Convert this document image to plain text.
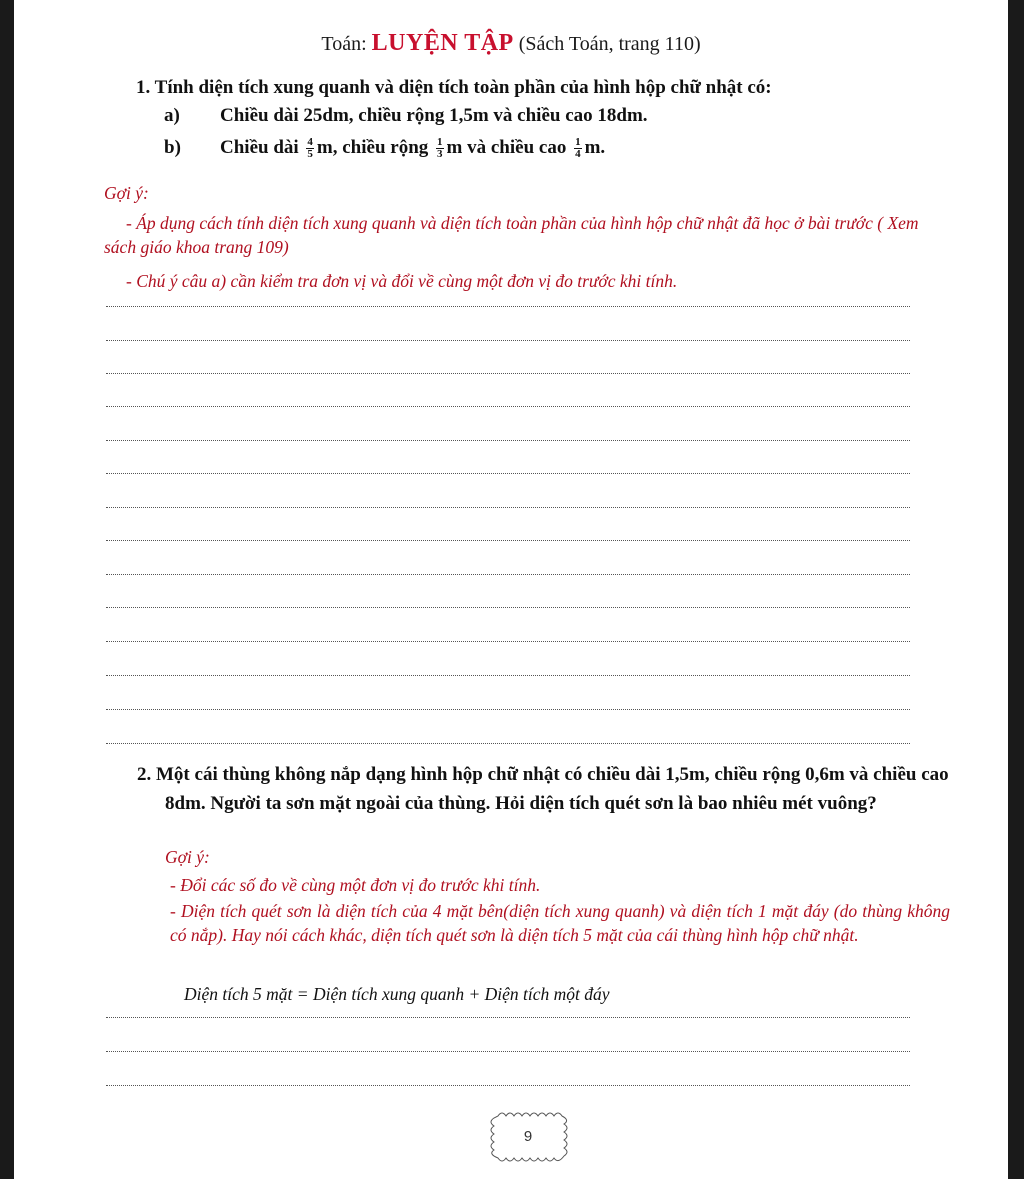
Toán: LUYỆN TẬP (Sách Toán, trang 110)
1. Tính diện tích xung quanh và diện tích toàn phần của hình hộp chữ nhật có:
a) Chiều dài 25dm, chiều rộng 1,5m và chiều cao 18dm.
b) Chiều dài $\frac{4}{5} m$, chiều rộng $\frac{1}{3}$ m và chiều cao $\frac{1}{4} m$.
Gợi ý:
- Áp dụng cách tính diện tích xung quanh và diện tích toàn phần của hình hộp chữ nhật đã học ở bài trước ( Xem sách giáo khoa trang 109)
- Chú ý câu a) cần kiểm tra đơn vị và đổi về cùng một đơn vị đo trước khi tính.
2. Một cái thùng không nắp dạng hình hộp chữ nhật có chiều dài 1,5m, chiều rộng 0,6m và chiều cao 8dm. Người ta sơn mặt ngoài của thùng. Hỏi diện tích quét sơn là bao nhiêu mét vuông?
Gợi ý:
- Đổi các số đo về cùng một đơn vị đo trước khi tính.
- Diện tích quét sơn là diện tích của 4 mặt bên(diện tích xung quanh) và diện tích 1 mặt đáy (do thùng không có nắp). Hay nói cách khác, diện tích quét sơn là diện tích 5 mặt của cái thùng hình hộp chữ nhật.
Diện tích 5 mặt = Diện tích xung quanh + Diện tích một đáy
9
